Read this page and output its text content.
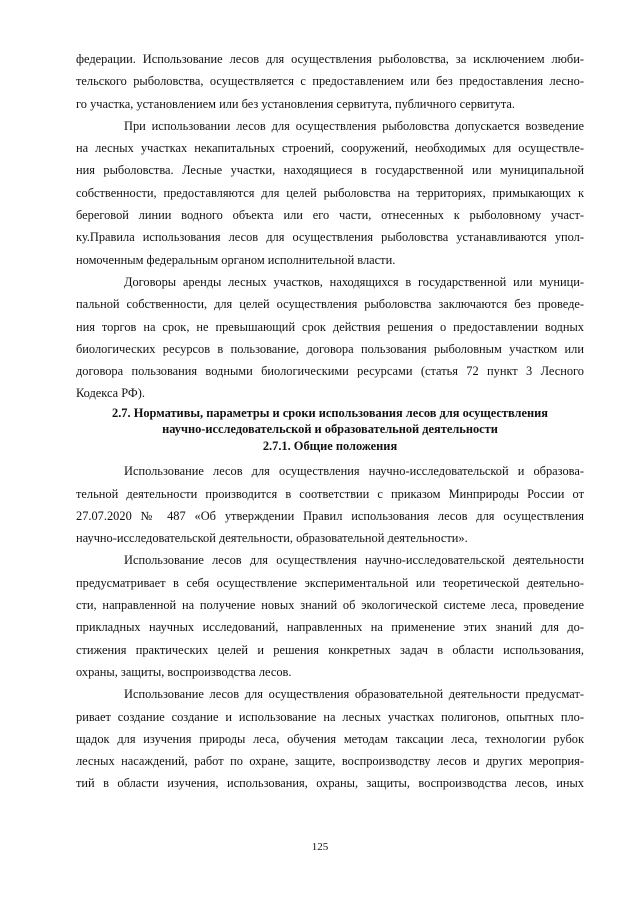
федерации. Использование лесов для осуществления рыболовства, за исключением люби-
тельского рыболовства, осуществляется с предоставлением или без предоставления лесно-
го участка, установлением или без установления сервитута, публичного сервитута.
При использовании лесов для осуществления рыболовства допускается возведение
на лесных участках некапитальных строений, сооружений, необходимых для осуществле-
ния рыболовства. Лесные участки, находящиеся в государственной или муниципальной
собственности, предоставляются для целей рыболовства на территориях, примыкающих к
береговой линии водного объекта или его части, отнесенных к рыболовному участ-
ку.Правила использования лесов для осуществления рыболовства устанавливаются упол-
номоченным федеральным органом исполнительной власти.
Договоры аренды лесных участков, находящихся в государственной или муници-
пальной собственности, для целей осуществления рыболовства заключаются без проведе-
ния торгов на срок, не превышающий срок действия решения о предоставлении водных
биологических ресурсов в пользование, договора пользования рыболовным участком или
договора пользования водными биологическими ресурсами (статья 72 пункт 3 Лесного
Кодекса РФ).

2.7. Нормативы, параметры и сроки использования лесов для осуществления

научно-исследовательской и образовательной деятельности

2.7.1. Общие положения

Использование лесов для осуществления научно-исследовательской и образова-
тельной деятельности производится в соответствии с приказом Минприроды России от
27.07.2020 № 487 «Об утверждении Правил использования лесов для осуществления
научно-исследовательской деятельности, образовательной деятельности».
Использование лесов для осуществления научно-исследовательской деятельности
предусматривает в себя осуществление экспериментальной или теоретической деятельно-
сти, направленной на получение новых знаний об экологической системе леса, проведение
прикладных научных исследований, направленных на применение этих знаний для до-
стижения практических целей и решения конкретных задач в области использования,
охраны, защиты, воспроизводства лесов.
Использование лесов для осуществления образовательной деятельности предусмат-
ривает создание создание и использование на лесных участках полигонов, опытных пло-
щадок для изучения природы леса, обучения методам таксации леса, технологии рубок
лесных насаждений, работ по охране, защите, воспроизводству лесов и других мероприя-
тий в области изучения, использования, охраны, защиты, воспроизводства лесов, иных
125
